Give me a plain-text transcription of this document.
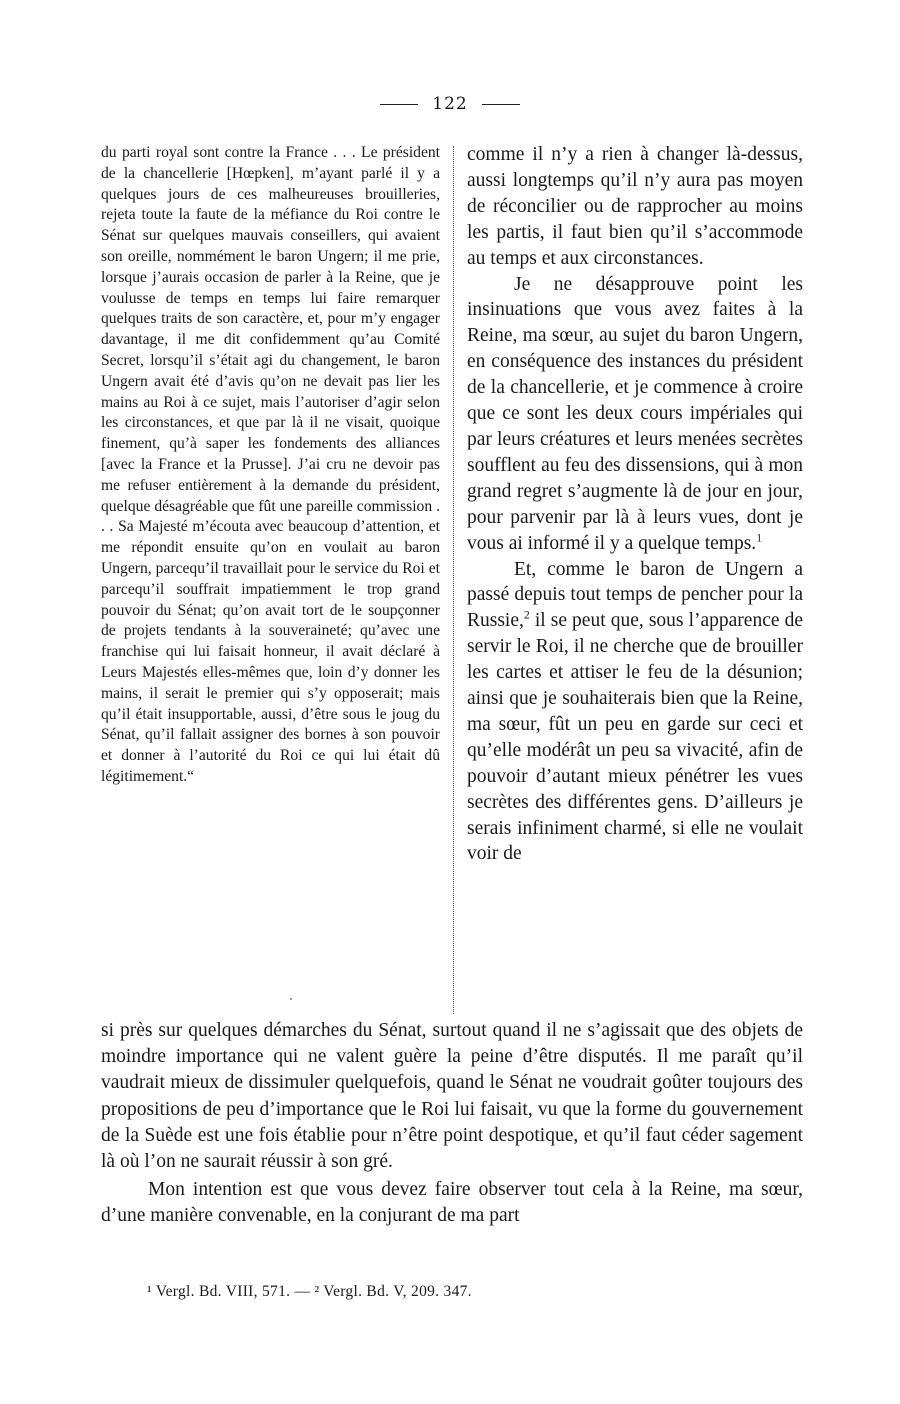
122

du parti royal sont contre la France . . . Le président de la chancellerie [Hœpken], m’ayant parlé il y a quelques jours de ces malheureuses brouilleries, rejeta toute la faute de la méfiance du Roi contre le Sénat sur quelques mauvais conseillers, qui avaient son oreille, nommément le baron Ungern; il me prie, lorsque j’aurais occasion de parler à la Reine, que je voulusse de temps en temps lui faire remarquer quelques traits de son caractère, et, pour m’y engager davantage, il me dit confidemment qu’au Comité Secret, lorsqu’il s’était agi du changement, le baron Ungern avait été d’avis qu’on ne devait pas lier les mains au Roi à ce sujet, mais l’autoriser d’agir selon les circonstances, et que par là il ne visait, quoique finement, qu’à saper les fondements des alliances [avec la France et la Prusse]. J’ai cru ne devoir pas me refuser entièrement à la demande du président, quelque désagréable que fût une pareille commission . . . Sa Majesté m’écouta avec beaucoup d’attention, et me répondit ensuite qu’on en voulait au baron Ungern, parcequ’il travaillait pour le service du Roi et parcequ’il souffrait impatiemment le trop grand pouvoir du Sénat; qu’on avait tort de le soupçonner de projets tendants à la souveraineté; qu’avec une franchise qui lui faisait honneur, il avait déclaré à Leurs Majestés elles-mêmes que, loin d’y donner les mains, il serait le premier qui s’y opposerait; mais qu’il était insupportable, aussi, d’être sous le joug du Sénat, qu’il fallait assigner des bornes à son pouvoir et donner à l’autorité du Roi ce qui lui était dû légitimement.“

comme il n’y a rien à changer là-dessus, aussi longtemps qu’il n’y aura pas moyen de réconcilier ou de rapprocher au moins les partis, il faut bien qu’il s’accommode au temps et aux circonstances.

Je ne désapprouve point les insinuations que vous avez faites à la Reine, ma sœur, au sujet du baron Ungern, en conséquence des instances du président de la chancellerie, et je commence à croire que ce sont les deux cours impériales qui par leurs créatures et leurs menées secrètes soufflent au feu des dissensions, qui à mon grand regret s’augmente là de jour en jour, pour parvenir par là à leurs vues, dont je vous ai informé il y a quelque temps.$^1$

Et, comme le baron de Ungern a passé depuis tout temps de pencher pour la Russie,$^2$ il se peut que, sous l’apparence de servir le Roi, il ne cherche que de brouiller les cartes et attiser le feu de la désunion; ainsi que je souhaiterais bien que la Reine, ma sœur, fût un peu en garde sur ceci et qu’elle modérât un peu sa vivacité, afin de pouvoir d’autant mieux pénétrer les vues secrètes des différentes gens. D’ailleurs je serais infiniment charmé, si elle ne voulait voir de

si près sur quelques démarches du Sénat, surtout quand il ne s’agissait que des objets de moindre importance qui ne valent guère la peine d’être disputés. Il me paraît qu’il vaudrait mieux de dissimuler quelquefois, quand le Sénat ne voudrait goûter toujours des propositions de peu d’importance que le Roi lui faisait, vu que la forme du gouvernement de la Suède est une fois établie pour n’être point despotique, et qu’il faut céder sagement là où l’on ne saurait réussir à son gré.

Mon intention est que vous devez faire observer tout cela à la Reine, ma sœur, d’une manière convenable, en la conjurant de ma part

¹ Vergl. Bd. VIII, 571. — ² Vergl. Bd. V, 209. 347.
